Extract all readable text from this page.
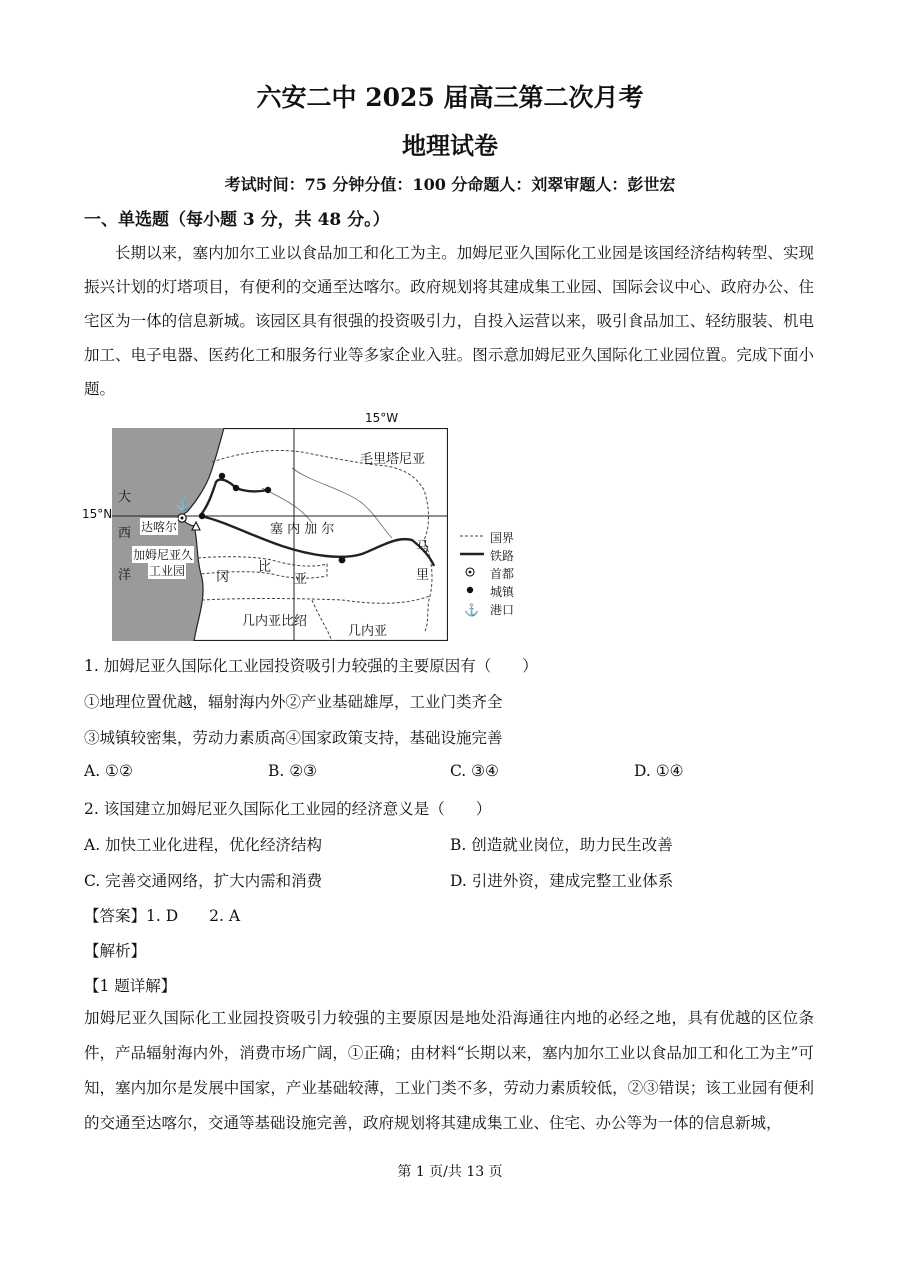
六安二中 2025 届高三第二次月考
地理试卷
考试时间：75 分钟分值：100 分命题人：刘翠审题人：彭世宏
一、单选题（每小题 3 分，共 48 分。）

长期以来，塞内加尔工业以食品加工和化工为主。加姆尼亚久国际化工业园是该国经济结构转型、实现振兴计划的灯塔项目，有便利的交通至达喀尔。政府规划将其建成集工业园、国际会议中心、政府办公、住宅区为一体的信息新城。该园区具有很强的投资吸引力，自投入运营以来，吸引食品加工、轻纺服装、机电加工、电子电器、医药化工和服务行业等多家企业入驻。图示意加姆尼亚久国际化工业园位置。完成下面小题。

⚓
15°W
15°N
毛里塔尼亚
塞 内 加 尔
大
西
洋
达喀尔
加姆尼亚久
工业园 冈
比
亚
马
里
几内亚比绍
几内亚
⚓
国界
铁路
首都
城镇
港口
1. 加姆尼亚久国际化工业园投资吸引力较强的主要原因有（　　）
①地理位置优越，辐射海内外②产业基础雄厚，工业门类齐全
③城镇较密集，劳动力素质高④国家政策支持，基础设施完善
A. ①②	B. ②③	C. ③④	D. ①④
2. 该国建立加姆尼亚久国际化工业园的经济意义是（　　）
A. 加快工业化进程，优化经济结构	B. 创造就业岗位，助力民生改善
C. 完善交通网络，扩大内需和消费	D. 引进外资，建成完整工业体系
【答案】1. D　　2. A
【解析】
【1 题详解】
加姆尼亚久国际化工业园投资吸引力较强的主要原因是地处沿海通往内地的必经之地，具有优越的区位条件，产品辐射海内外，消费市场广阔，①正确；由材料“长期以来，塞内加尔工业以食品加工和化工为主”可知，塞内加尔是发展中国家，产业基础较薄，工业门类不多，劳动力素质较低，②③错误；该工业园有便利的交通至达喀尔，交通等基础设施完善，政府规划将其建成集工业、住宅、办公等为一体的信息新城，
第 1 页/共 13 页
